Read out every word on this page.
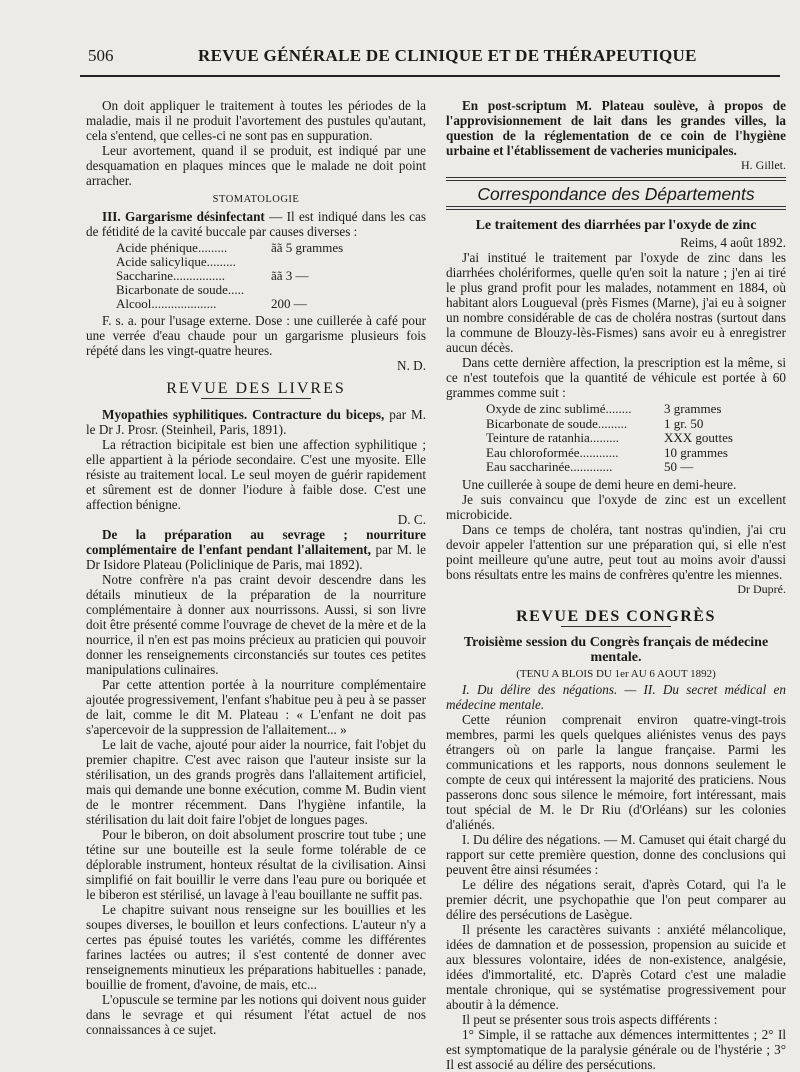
506	REVUE GÉNÉRALE DE CLINIQUE ET DE THÉRAPEUTIQUE

On doit appliquer le traitement à toutes les périodes de la maladie, mais il ne produit l'avortement des pustules qu'autant, cela s'entend, que celles-ci ne sont pas en suppuration.

Leur avortement, quand il se produit, est indiqué par une desquamation en plaques minces que le malade ne doit point arracher.

STOMATOLOGIE

III. Gargarisme désinfectant — Il est indiqué dans les cas de fétidité de la cavité buccale par causes diverses :

Acide phénique.........	ãã 5 grammes
Acide salicylique.........
Saccharine................	ãã 3 —
Bicarbonate de soude.....
Alcool....................	200 —

F. s. a. pour l'usage externe. Dose : une cuillerée à café pour une verrée d'eau chaude pour un gargarisme plusieurs fois répété dans les vingt-quatre heures.

N. D.
REVUE DES LIVRES

Myopathies syphilitiques. Contracture du biceps, par M. le Dr J. Prosr. (Steinheil, Paris, 1891).

La rétraction bicipitale est bien une affection syphilitique ; elle appartient à la période secondaire. C'est une myosite. Elle résiste au traitement local. Le seul moyen de guérir rapidement et sûrement est de donner l'iodure à faible dose. C'est une affection bénigne.

D. C.

De la préparation au sevrage ; nourriture complémentaire de l'enfant pendant l'allaitement, par M. le Dr Isidore Plateau (Policlinique de Paris, mai 1892).

Notre confrère n'a pas craint devoir descendre dans les détails minutieux de la préparation de la nourriture complémentaire à donner aux nourrissons. Aussi, si son livre doit être présenté comme l'ouvrage de chevet de la mère et de la nourrice, il n'en est pas moins précieux au praticien qui pouvoir donner les renseignements circonstanciés sur toutes ces petites manipulations culinaires.

Par cette attention portée à la nourriture complémentaire ajoutée progressivement, l'enfant s'habitue peu à peu à se passer de lait, comme le dit M. Plateau : « L'enfant ne doit pas s'apercevoir de la suppression de l'allaitement... »

Le lait de vache, ajouté pour aider la nourrice, fait l'objet du premier chapitre. C'est avec raison que l'auteur insiste sur la stérilisation, un des grands progrès dans l'allaitement artificiel, mais qui demande une bonne exécution, comme M. Budin vient de le montrer récemment. Dans l'hygiène infantile, la stérilisation du lait doit faire l'objet de longues pages.

Pour le biberon, on doit absolument proscrire tout tube ; une tétine sur une bouteille est la seule forme tolérable de ce déplorable instrument, honteux résultat de la civilisation. Ainsi simplifié on fait bouillir le verre dans l'eau pure ou boriquée et le biberon est stérilisé, un lavage à l'eau bouillante ne suffit pas.

Le chapitre suivant nous renseigne sur les bouillies et les soupes diverses, le bouillon et leurs confections. L'auteur n'y a certes pas épuisé toutes les variétés, comme les différentes farines lactées ou autres; il s'est contenté de donner avec renseignements minutieux les préparations habituelles : panade, bouillie de froment, d'avoine, de mais, etc...

L'opuscule se termine par les notions qui doivent nous guider dans le sevrage et qui résument l'état actuel de nos connaissances à ce sujet.

En post-scriptum M. Plateau soulève, à propos de l'approvisionnement de lait dans les grandes villes, la question de la réglementation de ce coin de l'hygiène urbaine et l'établissement de vacheries municipales.

H. Gillet.
Correspondance des Départements
Le traitement des diarrhées par l'oxyde de zinc
Reims, 4 août 1892.

J'ai institué le traitement par l'oxyde de zinc dans les diarrhées cholériformes, quelle qu'en soit la nature ; j'en ai tiré le plus grand profit pour les malades, notamment en 1884, où habitant alors Lougueval (près Fismes (Marne), j'ai eu à soigner un nombre considérable de cas de choléra nostras (surtout dans la commune de Blouzy-lès-Fismes) sans avoir eu à enregistrer aucun décès.

Dans cette dernière affection, la prescription est la même, si ce n'est toutefois que la quantité de véhicule est portée à 60 grammes comme suit :

Oxyde de zinc sublimé........	3 grammes
Bicarbonate de soude.........	1 gr. 50
Teinture de ratanhia.........	XXX gouttes
Eau chloroformée............	10 grammes
Eau saccharinée.............	50 —

Une cuillerée à soupe de demi heure en demi-heure.

Je suis convaincu que l'oxyde de zinc est un excellent microbicide.

Dans ce temps de choléra, tant nostras qu'indien, j'ai cru devoir appeler l'attention sur une préparation qui, si elle n'est point meilleure qu'une autre, peut tout au moins avoir d'aussi bons résultats entre les mains de confrères qu'entre les miennes.

Dr Dupré.
REVUE DES CONGRÈS
Troisième session du Congrès français de médecine mentale.
(TENU A BLOIS DU 1er AU 6 AOUT 1892)

I. Du délire des négations. — II. Du secret médical en médecine mentale.

Cette réunion comprenait environ quatre-vingt-trois membres, parmi les quels quelques aliénistes venus des pays étrangers où on parle la langue française. Parmi les communications et les rapports, nous donnons seulement le compte de ceux qui intéressent la majorité des praticiens. Nous passerons donc sous silence le mémoire, fort intéressant, mais tout spécial de M. le Dr Riu (d'Orléans) sur les colonies d'aliénés.

I. Du délire des négations. — M. Camuset qui était chargé du rapport sur cette première question, donne des conclusions qui peuvent être ainsi résumées :

Le délire des négations serait, d'après Cotard, qui l'a le premier décrit, une psychopathie que l'on peut comparer au délire des persécutions de Lasègue.

Il présente les caractères suivants : anxiété mélancolique, idées de damnation et de possession, propension au suicide et aux blessures volontaire, idées de non-existence, analgésie, idées d'immortalité, etc. D'après Cotard c'est une maladie mentale chronique, qui se systématise progressivement pour aboutir à la démence.

Il peut se présenter sous trois aspects différents :

1° Simple, il se rattache aux démences intermittentes ; 2° Il est symptomatique de la paralysie générale ou de l'hystérie ; 3° Il est associé au délire des persécutions.
